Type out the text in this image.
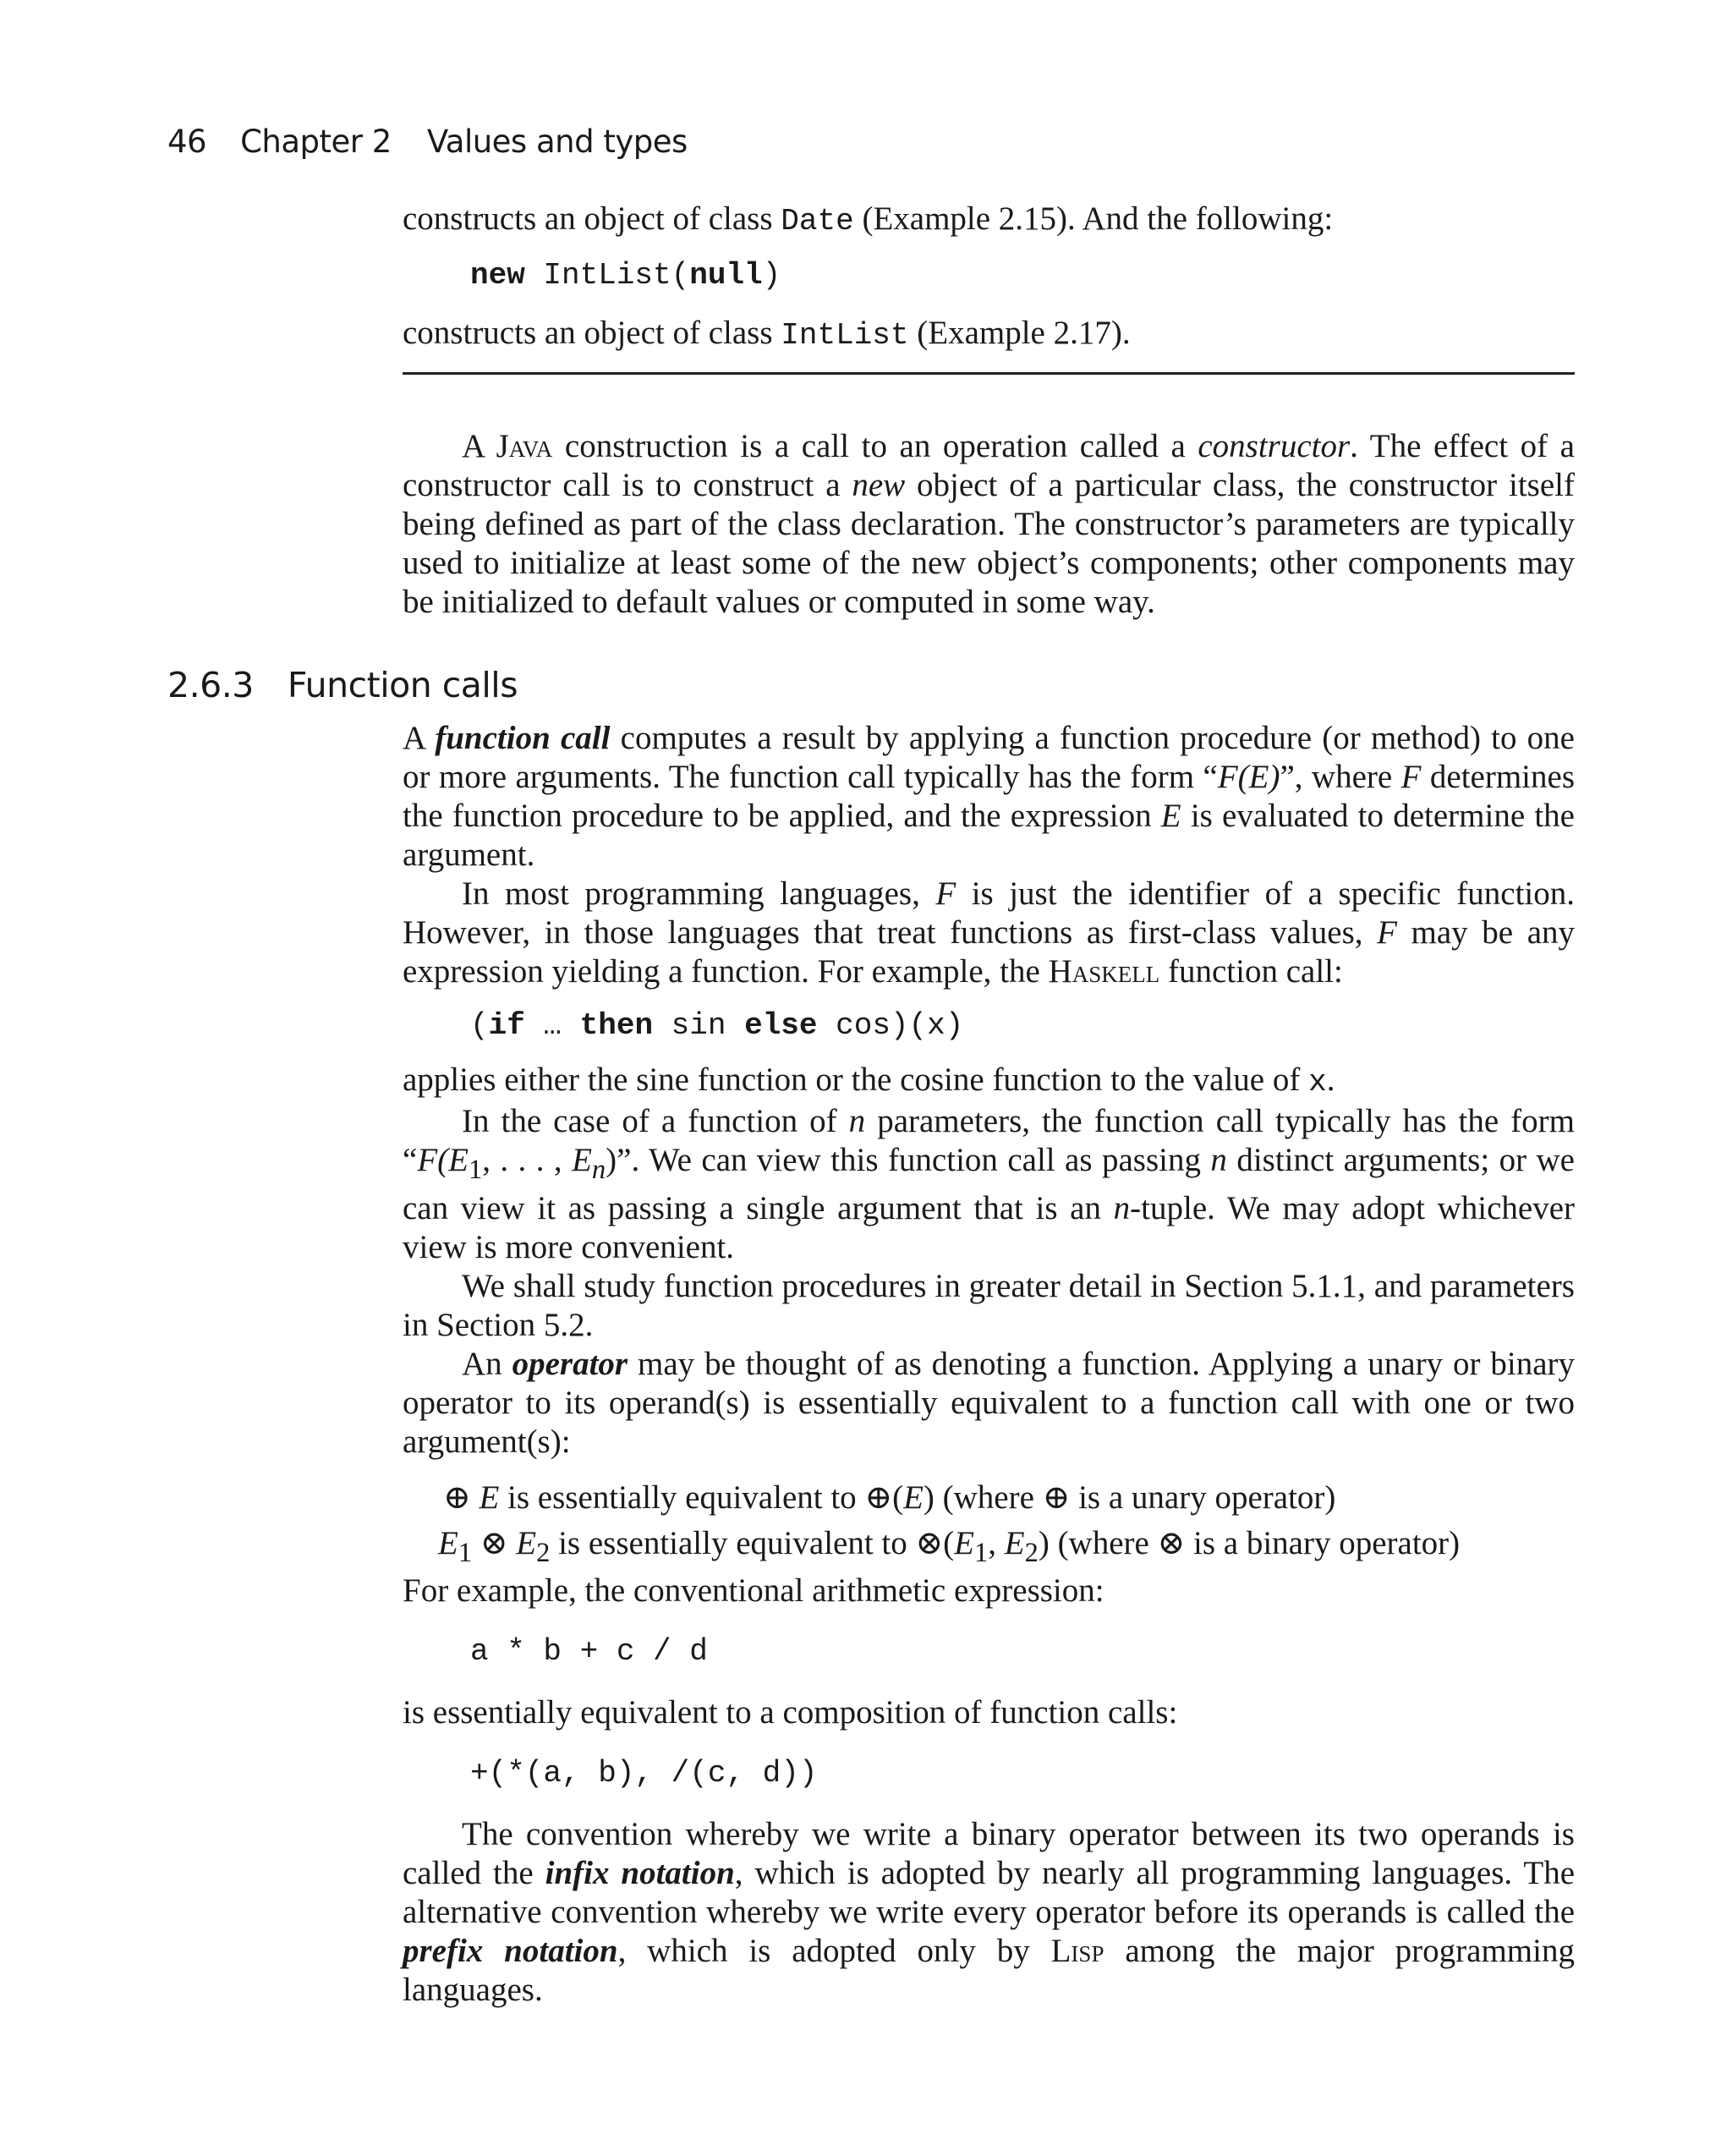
46 Chapter 2 Values and types

constructs an object of class Date (Example 2.15). And the following:

new IntList(null)

constructs an object of class IntList (Example 2.17).

A Java construction is a call to an operation called a constructor. The effect of a constructor call is to construct a new object of a particular class, the constructor itself being defined as part of the class declaration. The constructor’s parameters are typically used to initialize at least some of the new object’s components; other components may be initialized to default values or computed in some way.

2.6.3 Function calls

A function call computes a result by applying a function procedure (or method) to one or more arguments. The function call typically has the form “F(E)”, where F determines the function procedure to be applied, and the expression E is evaluated to determine the argument.

In most programming languages, F is just the identifier of a specific function. However, in those languages that treat functions as first-class values, F may be any expression yielding a function. For example, the Haskell function call:

(if … then sin else cos)(x)

applies either the sine function or the cosine function to the value of x.

In the case of a function of n parameters, the function call typically has the form “$F(E_1$, . . . , $E_n$)”. We can view this function call as passing n distinct arguments; or we can view it as passing a single argument that is an n-tuple. We may adopt whichever view is more convenient.

We shall study function procedures in greater detail in Section 5.1.1, and parameters in Section 5.2.

An operator may be thought of as denoting a function. Applying a unary or binary operator to its operand(s) is essentially equivalent to a function call with one or two argument(s):

⊕ E is essentially equivalent to ⊕(E) (where ⊕ is a unary operator)
$E_1$ ⊗ $E_2$ is essentially equivalent to $\otimes(E_1$, $E_2$) (where ⊗ is a binary operator)

For example, the conventional arithmetic expression:

a * b + c / d

is essentially equivalent to a composition of function calls:

+(*(a, b), /(c, d))

The convention whereby we write a binary operator between its two operands is called the infix notation, which is adopted by nearly all programming languages. The alternative convention whereby we write every operator before its operands is called the prefix notation, which is adopted only by Lisp among the major programming languages.
